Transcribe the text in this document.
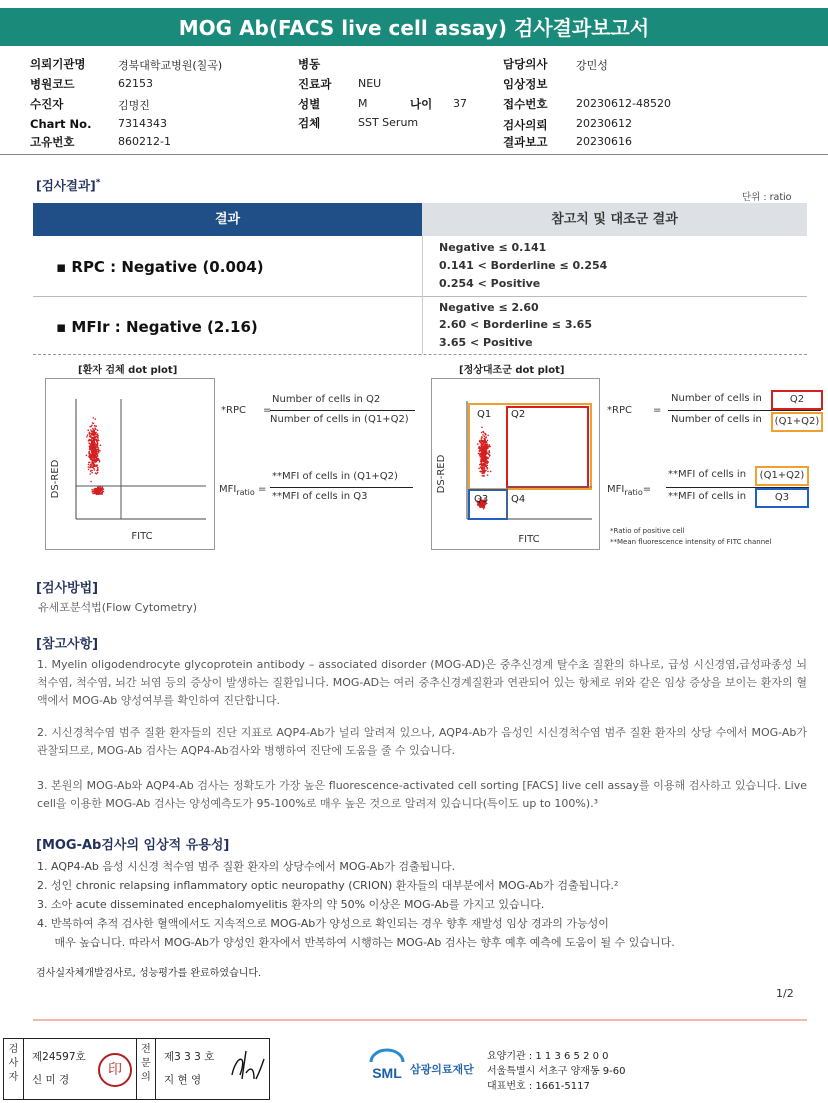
MOG Ab(FACS live cell assay) 검사결과보고서
의뢰기관명	경북대학교병원(칠곡)
병원코드	62153
수진자	김명진
Chart No. 7314343
고유번호	860212-1
병동
진료과 NEU
성별	M	나이 37
검체	SST Serum
담당의사	강민성
임상정보
접수번호	20230612-48520
검사의뢰	20230612
결과보고	20230616
[검사결과]*
단위 : ratio
결과	참고치 및 대조군 결과
▪ RPC : Negative (0.004)
Negative ≤ 0.141
0.141 < Borderline ≤ 0.254
0.254 < Positive
▪ MFIr : Negative (2.16)
Negative ≤ 2.60
2.60 < Borderline ≤ 3.65
3.65 < Positive
[환자 검체 dot plot]
DS-RED
FITC
*RPC =
Number of cells in Q2
Number of cells in (Q1+Q2)
$MFI_{ratio}$ =
**MFI of cells in (Q1+Q2)
**MFI of cells in Q3
[정상대조군 dot plot]
Q1 Q2
Q3 Q4
DS-RED
FITC
*RPC =
Number of cells in	Q2
Number of cells in	(Q1+Q2)
$MFI_{ratio}=$
**MFI of cells in	(Q1+Q2)
**MFI of cells in	Q3
*Ratio of positive cell
**Mean fluorescence intensity of FITC channel
[검사방법]
유세포분석법(Flow Cytometry)
[참고사항]
1. Myelin oligodendrocyte glycoprotein antibody – associated disorder (MOG-AD)은 중추신경계 탈수초 질환의 하나로, 급성 시신경염,급성파종성 뇌척수염, 척수염, 뇌간 뇌염 등의 증상이 발생하는 질환입니다. MOG-AD는 여러 중추신경계질환과 연관되어 있는 항체로 위와 같은 임상 증상을 보이는 환자의 혈액에서 MOG-Ab 양성여부를 확인하여 진단합니다.
2. 시신경척수염 범주 질환 환자들의 진단 지표로 AQP4-Ab가 널리 알려져 있으나, AQP4-Ab가 음성인 시신경척수염 범주 질환 환자의 상당 수에서 MOG-Ab가 관찰되므로, MOG-Ab 검사는 AQP4-Ab검사와 병행하여 진단에 도움을 줄 수 있습니다.
3. 본원의 MOG-Ab와 AQP4-Ab 검사는 정확도가 가장 높은 fluorescence-activated cell sorting [FACS] live cell assay를 이용해 검사하고 있습니다. Live cell을 이용한 MOG-Ab 검사는 양성예측도가 95-100%로 매우 높은 것으로 알려져 있습니다(특이도 up to 100%).³
[MOG-Ab검사의 임상적 유용성]
1. AQP4-Ab 음성 시신경 척수염 범주 질환 환자의 상당수에서 MOG-Ab가 검출됩니다.
2. 성인 chronic relapsing inflammatory optic neuropathy (CRION) 환자들의 대부분에서 MOG-Ab가 검출됩니다.²
3. 소아 acute disseminated encephalomyelitis 환자의 약 50% 이상은 MOG-Ab를 가지고 있습니다.
4. 반복하여 추적 검사한 혈액에서도 지속적으로 MOG-Ab가 양성으로 확인되는 경우 향후 재발성 임상 경과의 가능성이
매우 높습니다. 따라서 MOG-Ab가 양성인 환자에서 반복하여 시행하는 MOG-Ab 검사는 향후 예후 예측에 도움이 될 수 있습니다.
검사실자체개발검사로, 성능평가를 완료하였습니다.
1/2
검사자
제24597호
신 미 경
印
전문의
제3 3 3 호
지 현 영	SML 삼광의료재단
요양기관 : 1 1 3 6 5 2 0 0
서울특별시 서초구 양재동 9-60
대표번호 : 1661-5117
